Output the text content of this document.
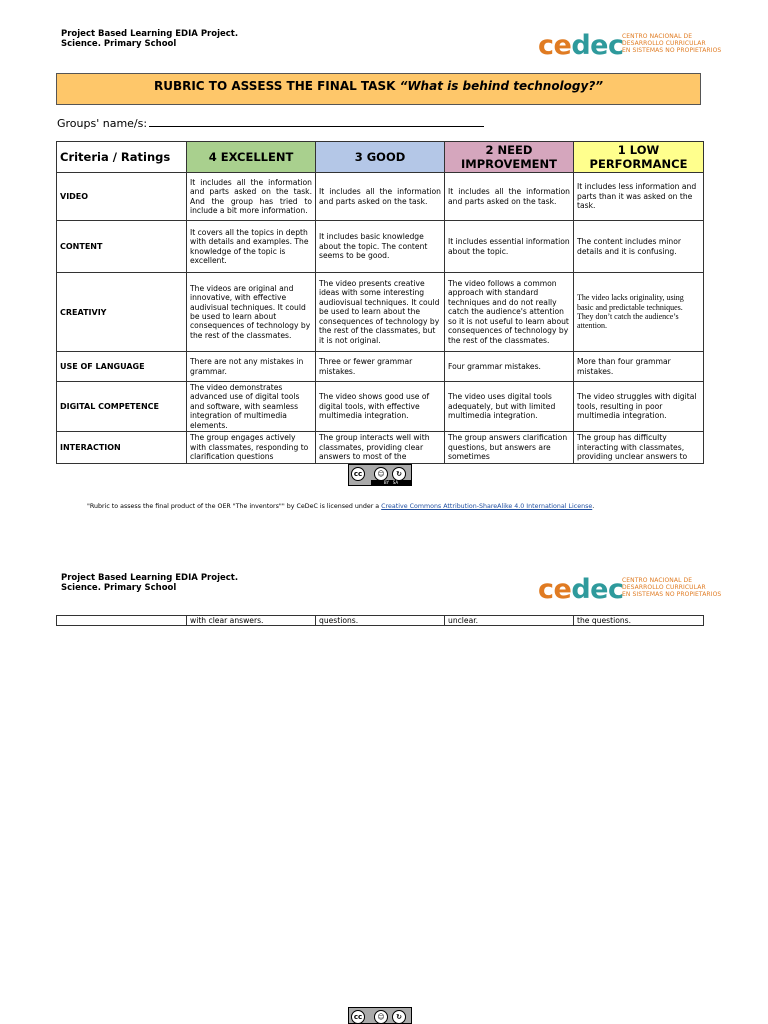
Project Based Learning EDIA Project.
Science. Primary School	cedec
CENTRO NACIONAL DE
DESARROLLO CURRICULAR
EN SISTEMAS NO PROPIETARIOS
RUBRIC TO ASSESS THE FINAL TASK “What is behind technology?”
Groups' name/s:
Criteria / Ratings	4 EXCELLENT	3 GOOD	2 NEED IMPROVEMENT	1 LOW PERFORMANCE
VIDEO	It includes all the information and parts asked on the task. And the group has tried to include a bit more information.	It includes all the information and parts asked on the task.	It includes all the information and parts asked on the task.	It includes less information and parts than it was asked on the task.
CONTENT	It covers all the topics in depth with details and examples. The knowledge of the topic is excellent.	It includes basic knowledge about the topic. The content seems to be good.	It includes essential information about the topic.	The content includes minor details and it is confusing.
CREATIVIY	The videos are original and innovative, with effective audivisual techniques. It could be used to learn about consequences of technology by the rest of the classmates.	The video presents creative ideas with some interesting audiovisual techniques. It could be used to learn about the consequences of technology by the rest of the classmates, but it is not original.	The video follows a common approach with standard techniques and do not really catch the audience's attention so it is not useful to learn about consequences of technology by the rest of the classmates.	The video lacks originality, using basic and predictable techniques. They don’t catch the audience’s attention.
USE OF LANGUAGE	There are not any mistakes in grammar.	Three or fewer grammar mistakes.	Four grammar mistakes.	More than four grammar mistakes.
DIGITAL COMPETENCE	The video demonstrates advanced use of digital tools and software, with seamless integration of multimedia elements.	The video shows good use of digital tools, with effective multimedia integration.	The video uses digital tools adequately, but with limited multimedia integration.	The video struggles with digital tools, resulting in poor multimedia integration.
INTERACTION	The group engages actively with classmates, responding to clarification questions	The group interacts well with classmates, providing clear answers to most of the	The group answers clarification questions, but answers are sometimes	The group has difficulty interacting with classmates, providing unclear answers to
cc	☺	↻
BY SA
"Rubric to assess the final product of the OER "The inventors"" by CeDeC is licensed under a Creative Commons Attribution-ShareAlike 4.0 International License.
Project Based Learning EDIA Project.
Science. Primary School	cedec
CENTRO NACIONAL DE
DESARROLLO CURRICULAR
EN SISTEMAS NO PROPIETARIOS
	with clear answers.	questions.	unclear.	the questions.
cc	☺	↻
